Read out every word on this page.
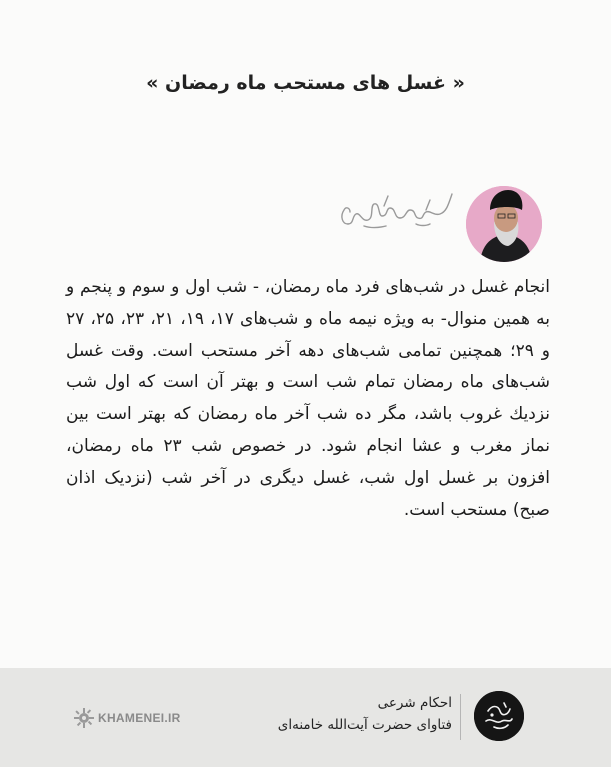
« غسل های مستحب ماه رمضان »

انجام غسل در شب‌های فرد ماه رمضان، - شب اول و سوم و پنجم و به همین منوال- به ویژه نیمه ماه و شب‌های ۱۷، ۱۹، ۲۱، ۲۳، ۲۵، ۲۷ و ۲۹؛ همچنین تمامی شب‌های دهه آخر مستحب است. وقت غسل شب‌های ماه رمضان تمام شب است و بهتر آن است که اول شب نزدیك غروب باشد، مگر ده شب آخر ماه رمضان كه بهتر است بین نماز مغرب و عشا انجام شود. در خصوص شب ۲۳ ماه رمضان، افزون بر غسل اول شب، غسل دیگری در آخر شب (نزدیک اذان صبح) مستحب است.

KHAMENEI.IR
احکام شرعی
فتاوای حضرت آیت‌الله خامنه‌ای
